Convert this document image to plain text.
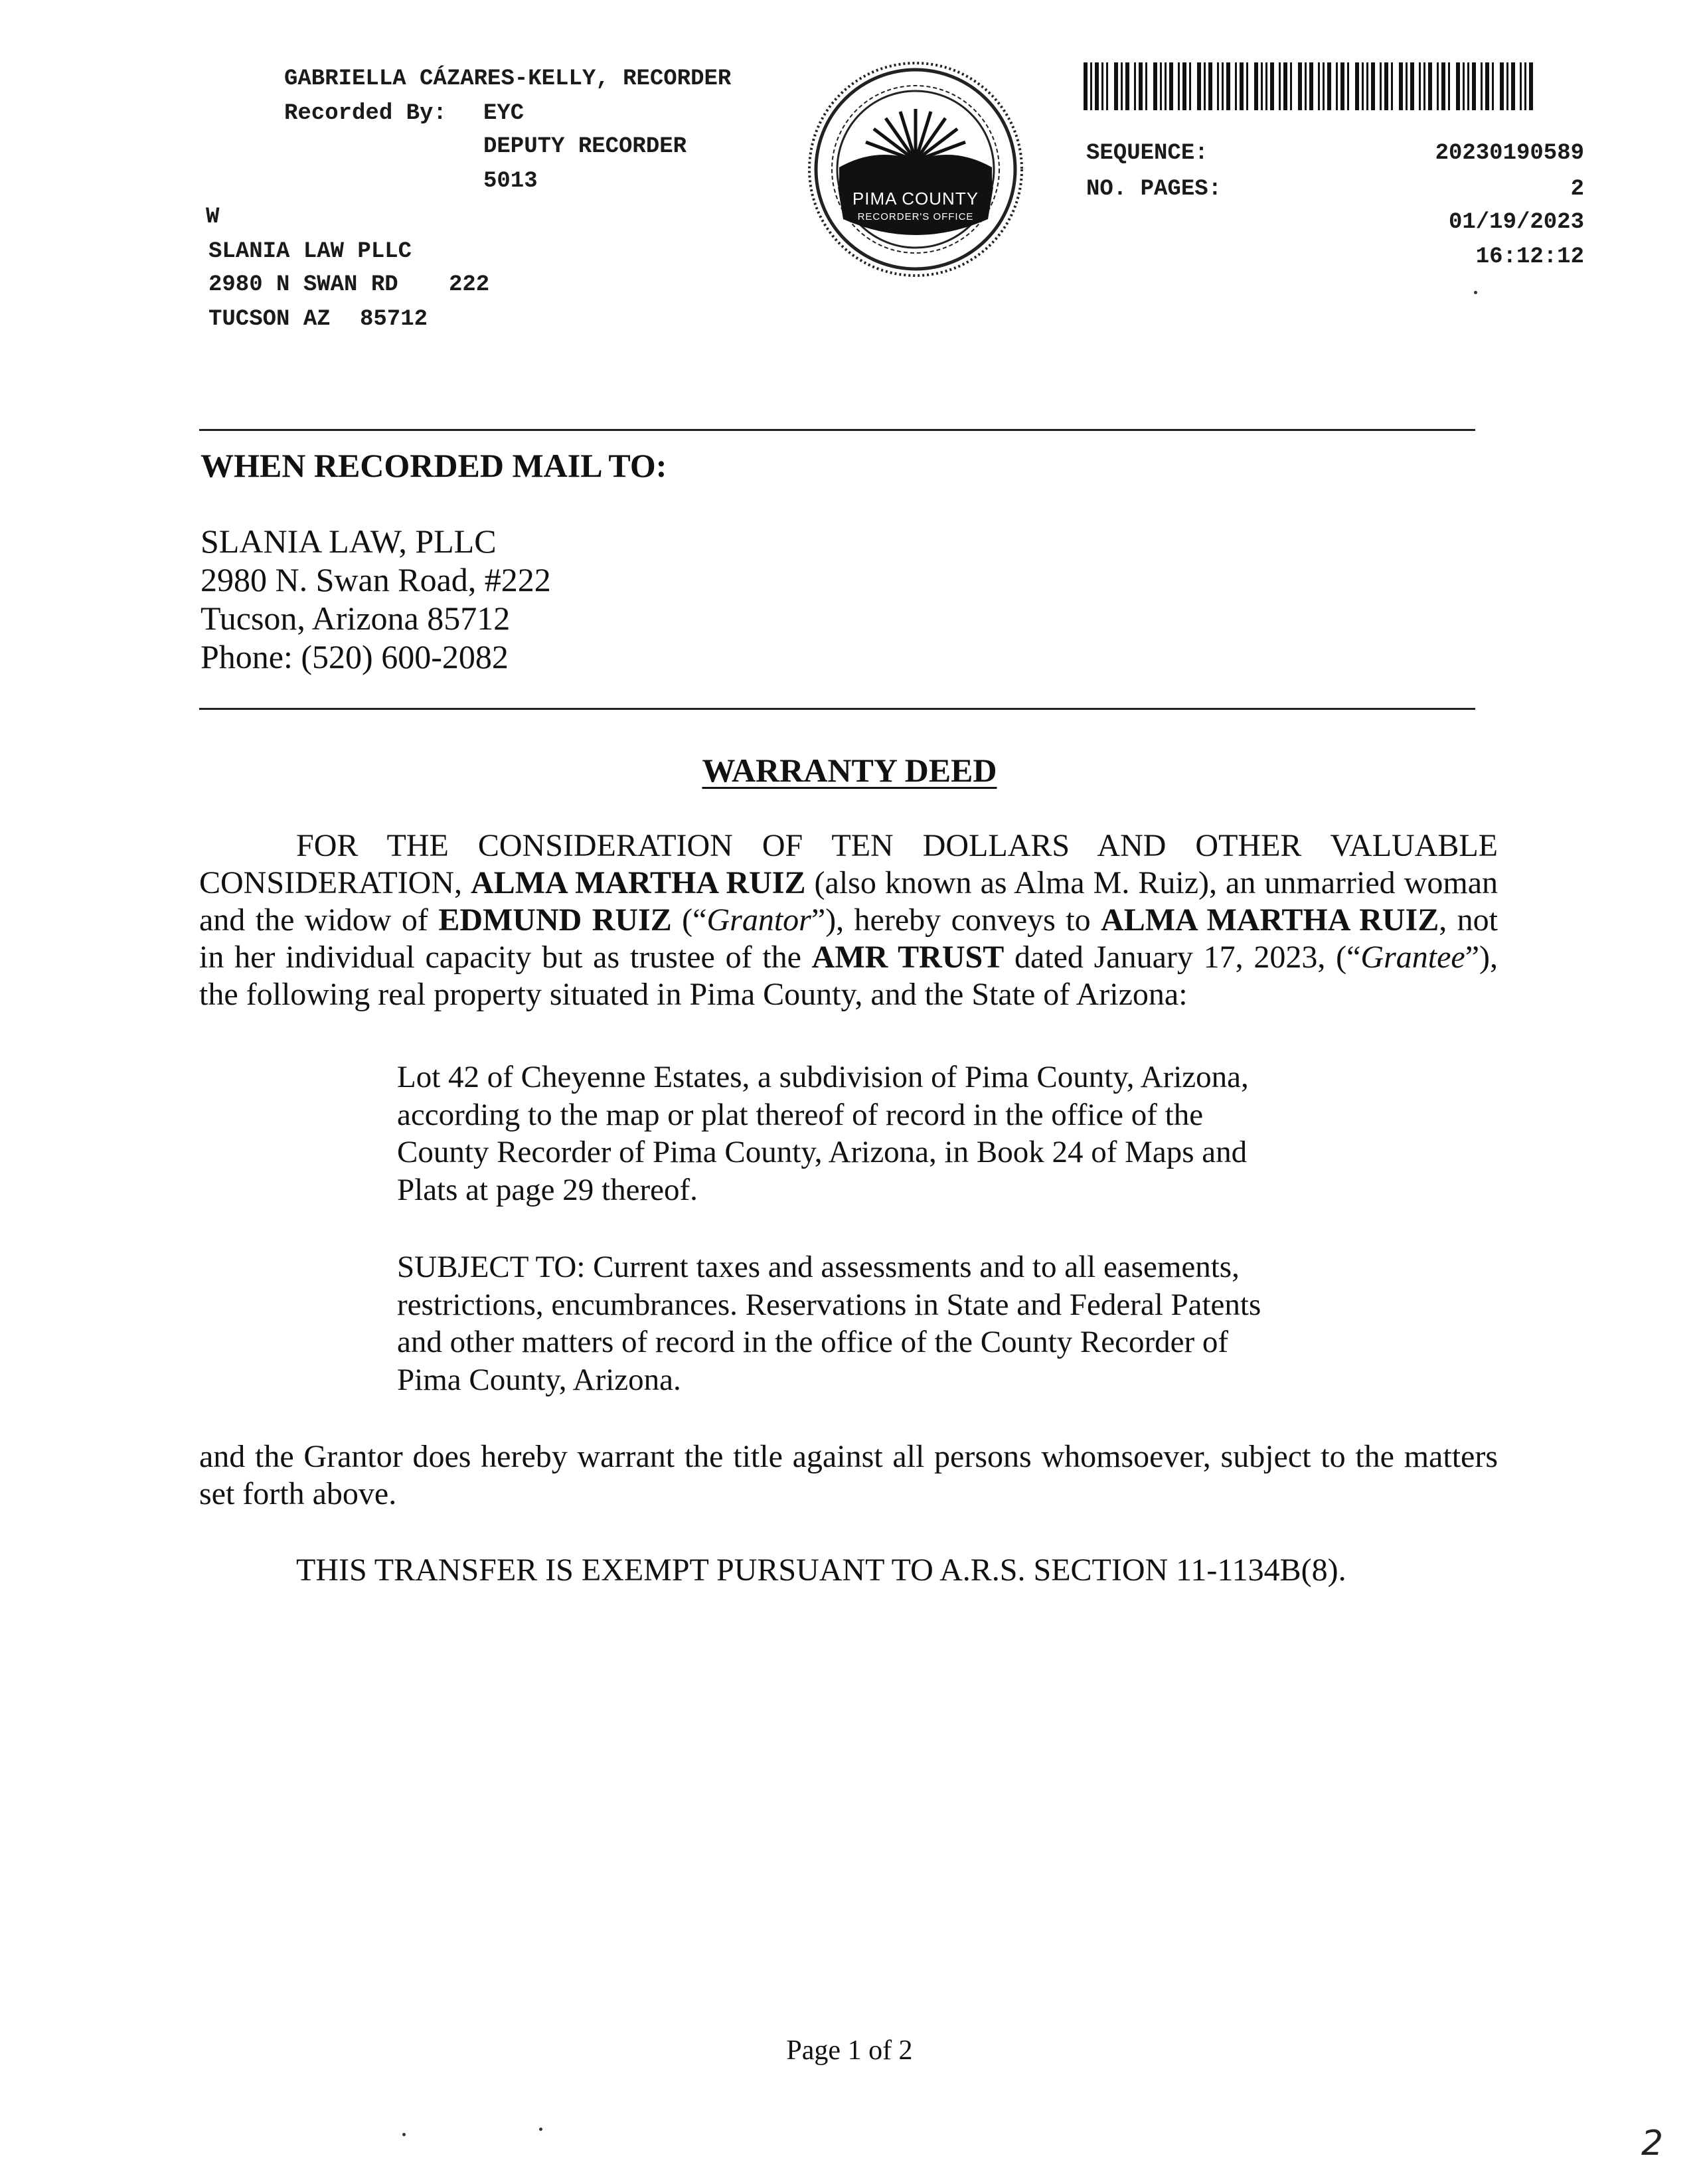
GABRIELLA CÁZARES-KELLY, RECORDER
Recorded By: EYC
DEPUTY RECORDER
5013
W
SLANIA LAW PLLC
2980 N SWAN RD 222
TUCSON AZ 85712
PIMA COUNTY
RECORDER'S OFFICE
SEQUENCE:	20230190589
NO. PAGES:	2
01/19/2023
16:12:12
WHEN RECORDED MAIL TO:
SLANIA LAW, PLLC
2980 N. Swan Road, #222
Tucson, Arizona 85712
Phone: (520) 600-2082
WARRANTY DEED
FOR THE CONSIDERATION OF TEN DOLLARS AND OTHER VALUABLE CONSIDERATION, ALMA MARTHA RUIZ (also known as Alma M. Ruiz), an unmarried woman and the widow of EDMUND RUIZ (“Grantor”), hereby conveys to ALMA MARTHA RUIZ, not in her individual capacity but as trustee of the AMR TRUST dated January 17, 2023, (“Grantee”), the following real property situated in Pima County, and the State of Arizona:
Lot 42 of Cheyenne Estates, a subdivision of Pima County, Arizona,
according to the map or plat thereof of record in the office of the
County Recorder of Pima County, Arizona, in Book 24 of Maps and
Plats at page 29 thereof.
SUBJECT TO: Current taxes and assessments and to all easements,
restrictions, encumbrances. Reservations in State and Federal Patents
and other matters of record in the office of the County Recorder of
Pima County, Arizona.
and the Grantor does hereby warrant the title against all persons whomsoever, subject to the matters set forth above.
THIS TRANSFER IS EXEMPT PURSUANT TO A.R.S. SECTION 11-1134B(8).
Page 1 of 2
2
